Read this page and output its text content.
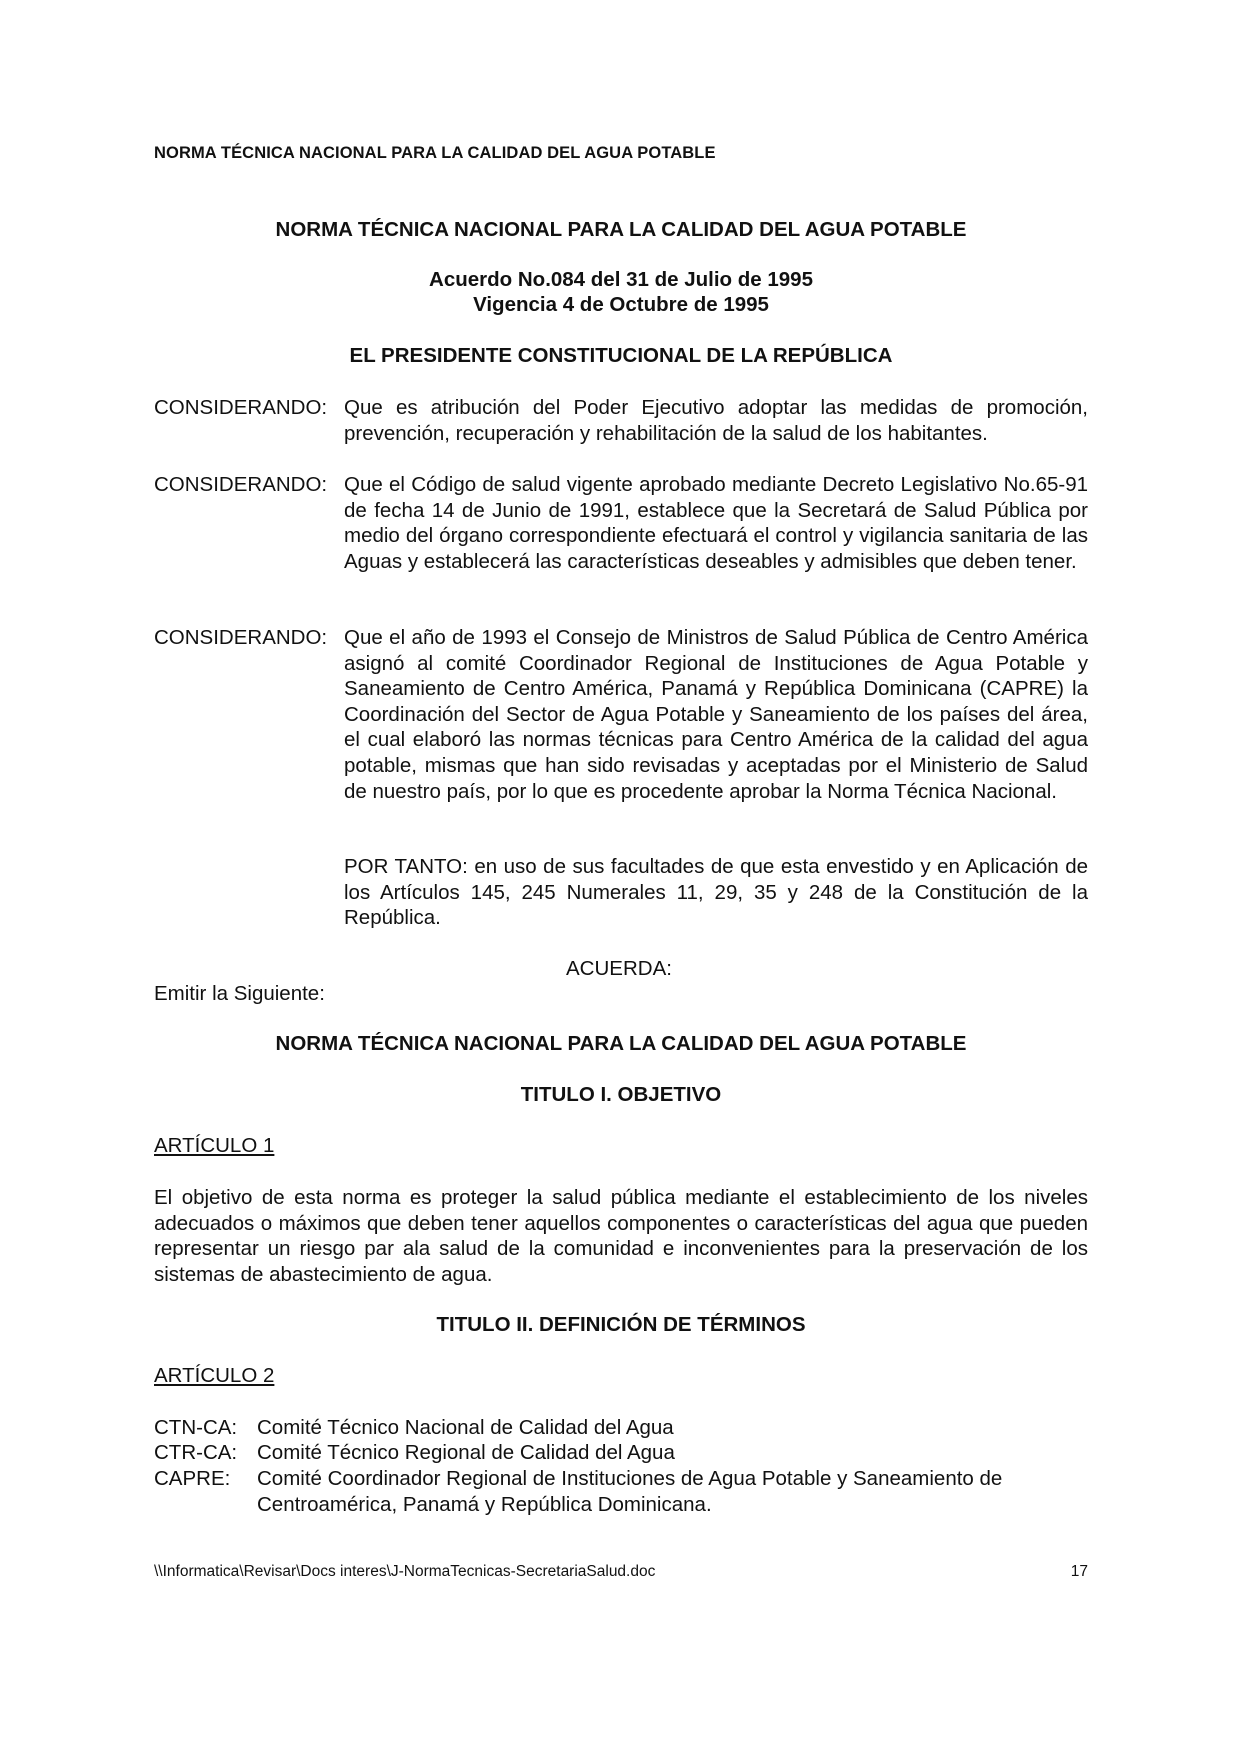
NORMA TÉCNICA NACIONAL PARA LA CALIDAD DEL AGUA POTABLE
NORMA TÉCNICA NACIONAL PARA LA CALIDAD DEL AGUA POTABLE
Acuerdo No.084 del 31 de Julio de 1995
Vigencia 4 de Octubre de 1995
EL PRESIDENTE CONSTITUCIONAL DE LA REPÚBLICA
CONSIDERANDO: Que es atribución del Poder Ejecutivo adoptar las medidas de promoción, prevención, recuperación y rehabilitación de la salud de los habitantes.
CONSIDERANDO: Que el Código de salud vigente aprobado mediante Decreto Legislativo No.65-91 de fecha 14 de Junio de 1991, establece que la Secretará de Salud Pública por medio del órgano correspondiente efectuará el control y vigilancia sanitaria de las Aguas y establecerá las características deseables y admisibles que deben tener.
CONSIDERANDO: Que el año de 1993 el Consejo de Ministros de Salud Pública de Centro América asignó al comité Coordinador Regional de Instituciones de Agua Potable y Saneamiento de Centro América, Panamá y República Dominicana (CAPRE) la Coordinación del Sector de Agua Potable y Saneamiento de los países del área, el cual elaboró las normas técnicas para Centro América de la calidad del agua potable, mismas que han sido revisadas y aceptadas por el Ministerio de Salud de nuestro país, por lo que es procedente aprobar la Norma Técnica Nacional.
POR TANTO: en uso de sus facultades de que esta envestido y en Aplicación de los Artículos 145, 245 Numerales 11, 29, 35 y 248 de la Constitución de la República.
ACUERDA:
Emitir la Siguiente:
NORMA TÉCNICA NACIONAL PARA LA CALIDAD DEL AGUA POTABLE
TITULO I. OBJETIVO
ARTÍCULO 1
El objetivo de esta norma es proteger la salud pública mediante el establecimiento de los niveles adecuados o máximos que deben tener aquellos componentes o características del agua que pueden representar un riesgo par ala salud de la comunidad e inconvenientes para la preservación de los sistemas de abastecimiento de agua.
TITULO II. DEFINICIÓN DE TÉRMINOS
ARTÍCULO 2
CTN-CA: Comité Técnico Nacional de Calidad del Agua
CTR-CA: Comité Técnico Regional de Calidad del Agua
CAPRE: Comité Coordinador Regional de Instituciones de Agua Potable y Saneamiento de Centroamérica, Panamá y República Dominicana.
\\Informatica\Revisar\Docs interes\J-NormaTecnicas-SecretariaSalud.doc	17
